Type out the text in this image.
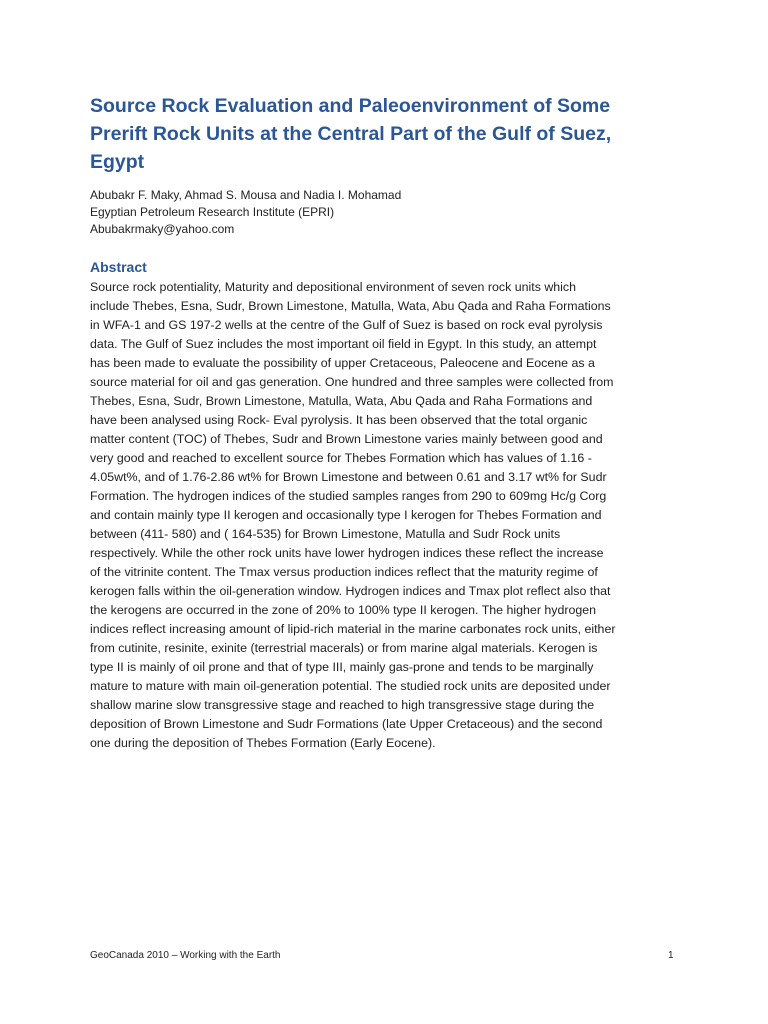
Source Rock Evaluation and Paleoenvironment of Some
Prerift Rock Units at the Central Part of the Gulf of Suez,
Egypt
Abubakr F. Maky, Ahmad S. Mousa and Nadia I. Mohamad
Egyptian Petroleum Research Institute (EPRI)
Abubakrmaky@yahoo.com
Abstract
Source rock potentiality, Maturity and depositional environment of seven rock units which
include Thebes, Esna, Sudr, Brown Limestone, Matulla, Wata, Abu Qada and Raha Formations
in WFA-1 and GS 197-2 wells at the centre of the Gulf of Suez is based on rock eval pyrolysis
data. The Gulf of Suez includes the most important oil field in Egypt. In this study, an attempt
has been made to evaluate the possibility of upper Cretaceous, Paleocene and Eocene as a
source material for oil and gas generation. One hundred and three samples were collected from
Thebes, Esna, Sudr, Brown Limestone, Matulla, Wata, Abu Qada and Raha Formations and
have been analysed using Rock- Eval pyrolysis. It has been observed that the total organic
matter content (TOC) of Thebes, Sudr and Brown Limestone varies mainly between good and
very good and reached to excellent source for Thebes Formation which has values of 1.16 -
4.05wt%, and of 1.76-2.86 wt% for Brown Limestone and between 0.61 and 3.17 wt% for Sudr
Formation. The hydrogen indices of the studied samples ranges from 290 to 609mg Hc/g Corg
and contain mainly type II kerogen and occasionally type I kerogen for Thebes Formation and
between (411- 580) and ( 164-535) for Brown Limestone, Matulla and Sudr Rock units
respectively. While the other rock units have lower hydrogen indices these reflect the increase
of the vitrinite content. The Tmax versus production indices reflect that the maturity regime of
kerogen falls within the oil-generation window. Hydrogen indices and Tmax plot reflect also that
the kerogens are occurred in the zone of 20% to 100% type II kerogen. The higher hydrogen
indices reflect increasing amount of lipid-rich material in the marine carbonates rock units, either
from cutinite, resinite, exinite (terrestrial macerals) or from marine algal materials. Kerogen is
type II is mainly of oil prone and that of type III, mainly gas-prone and tends to be marginally
mature to mature with main oil-generation potential. The studied rock units are deposited under
shallow marine slow transgressive stage and reached to high transgressive stage during the
deposition of Brown Limestone and Sudr Formations (late Upper Cretaceous) and the second
one during the deposition of Thebes Formation (Early Eocene).
GeoCanada 2010 – Working with the Earth	1
